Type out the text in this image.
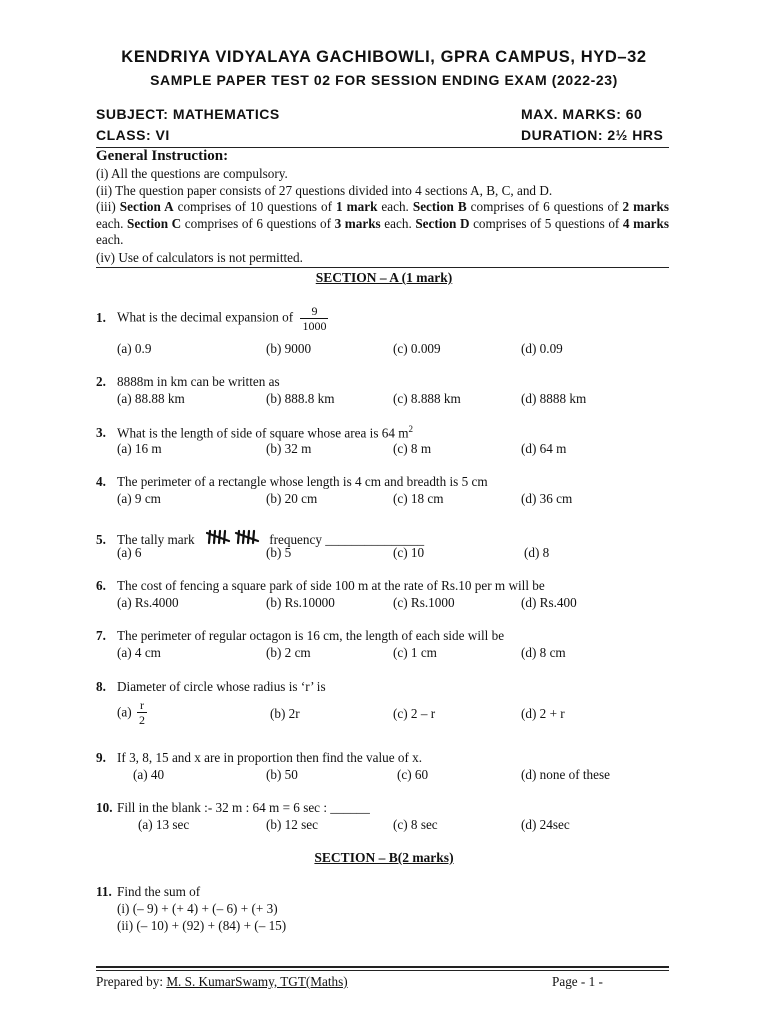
KENDRIYA VIDYALAYA GACHIBOWLI, GPRA CAMPUS, HYD–32
SAMPLE PAPER TEST 02 FOR SESSION ENDING EXAM (2022-23)
SUBJECT: MATHEMATICS	MAX. MARKS: 60
CLASS: VI	DURATION: 2½ HRS
General Instruction:
(i) All the questions are compulsory.
(ii) The question paper consists of 27 questions divided into 4 sections A, B, C, and D.
(iii) Section A comprises of 10 questions of 1 mark each. Section B comprises of 6 questions of 2 marks each. Section C comprises of 6 questions of 3 marks each. Section D comprises of 5 questions of 4 marks each.
(iv) Use of calculators is not permitted.
SECTION – A (1 mark)
1. What is the decimal expansion of $\frac{9}{1000}$
(a) 0.9	(b) 9000	(c) 0.009	(d) 0.09
2. 8888m in km can be written as
(a) 88.88 km	(b) 888.8 km	(c) 8.888 km	(d) 8888 km
3. What is the length of side of square whose area is 64 $m^2$
(a) 16 m	(b) 32 m	(c) 8 m	(d) 64 m
4. The perimeter of a rectangle whose length is 4 cm and breadth is 5 cm
(a) 9 cm	(b) 20 cm	(c) 18 cm	(d) 36 cm
5. The tally mark	frequency _______________
(a) 6	(b) 5	(c) 10	(d) 8
6. The cost of fencing a square park of side 100 m at the rate of Rs.10 per m will be
(a) Rs.4000	(b) Rs.10000	(c) Rs.1000	(d) Rs.400
7. The perimeter of regular octagon is 16 cm, the length of each side will be
(a) 4 cm	(b) 2 cm	(c) 1 cm	(d) 8 cm
8. Diameter of circle whose radius is ‘r’ is
$(a) \frac{r}{2}$	(b) 2r	(c) 2 – r	(d) 2 + r
9. If 3, 8, 15 and x are in proportion then find the value of x.
(a) 40	(b) 50	(c) 60	(d) none of these
10. Fill in the blank :- 32 m : 64 m = 6 sec : ______
(a) 13 sec	(b) 12 sec	(c) 8 sec	(d) 24sec
SECTION – B(2 marks)
11. Find the sum of
(i) (– 9) + (+ 4) + (– 6) + (+ 3)
(ii) (– 10) + (92) + (84) + (– 15)
Prepared by: M. S. KumarSwamy, TGT(Maths)	Page - 1 -
